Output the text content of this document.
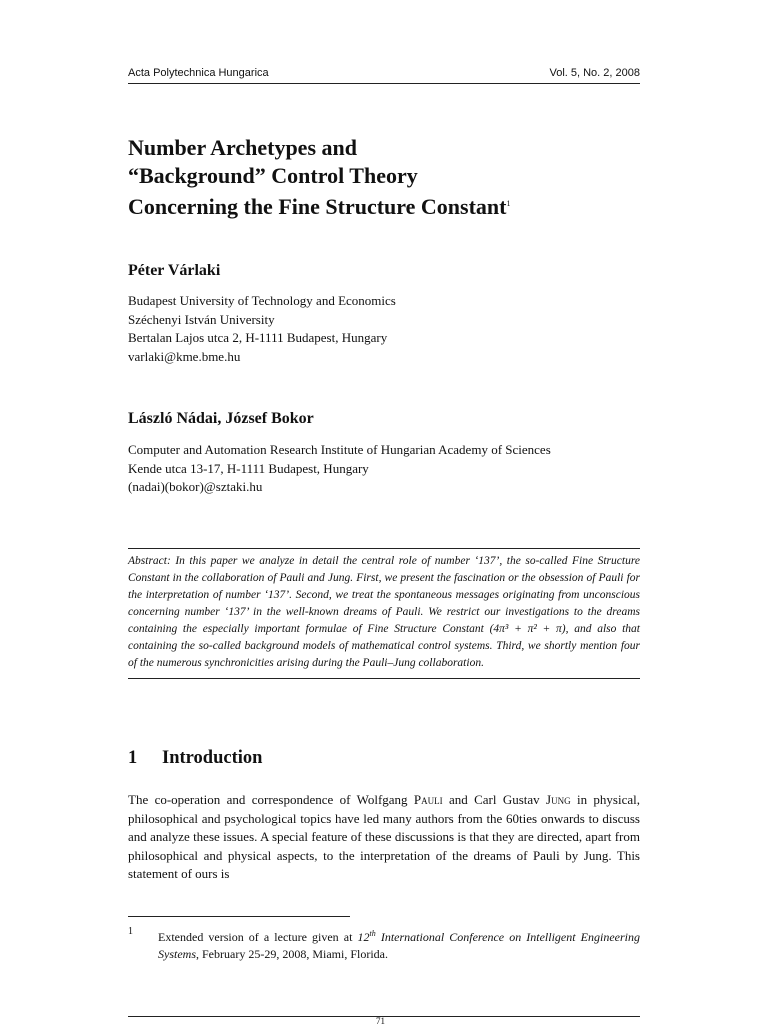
Acta Polytechnica Hungarica	Vol. 5, No. 2, 2008
Number Archetypes and
“Background” Control Theory
Concerning the Fine Structure Constant$^1$

Péter Várlaki

Budapest University of Technology and Economics
Széchenyi István University
Bertalan Lajos utca 2, H-1111 Budapest, Hungary
varlaki@kme.bme.hu

László Nádai, József Bokor

Computer and Automation Research Institute of Hungarian Academy of Sciences
Kende utca 13-17, H-1111 Budapest, Hungary
(nadai)(bokor)@sztaki.hu

Abstract: In this paper we analyze in detail the central role of number ‘137’, the so-called Fine Structure Constant in the collaboration of Pauli and Jung. First, we present the fascination or the obsession of Pauli for the interpretation of number ‘137’. Second, we treat the spontaneous messages originating from unconscious concerning number ‘137’ in the well-known dreams of Pauli. We restrict our investigations to the dreams containing the especially important formulae of Fine Structure Constant (4π³ + π² + π), and also that containing the so-called background models of mathematical control systems. Third, we shortly mention four of the numerous synchronicities arising during the Pauli–Jung collaboration.

1 Introduction

The co-operation and correspondence of Wolfgang Pauli and Carl Gustav Jung in physical, philosophical and psychological topics have led many authors from the 60ties onwards to discuss and analyze these issues. A special feature of these discussions is that they are directed, apart from philosophical and physical aspects, to the interpretation of the dreams of Pauli by Jung. This statement of ours is

1 Extended version of a lecture given at 12th International Conference on Intelligent Engineering Systems, February 25-29, 2008, Miami, Florida.
71
